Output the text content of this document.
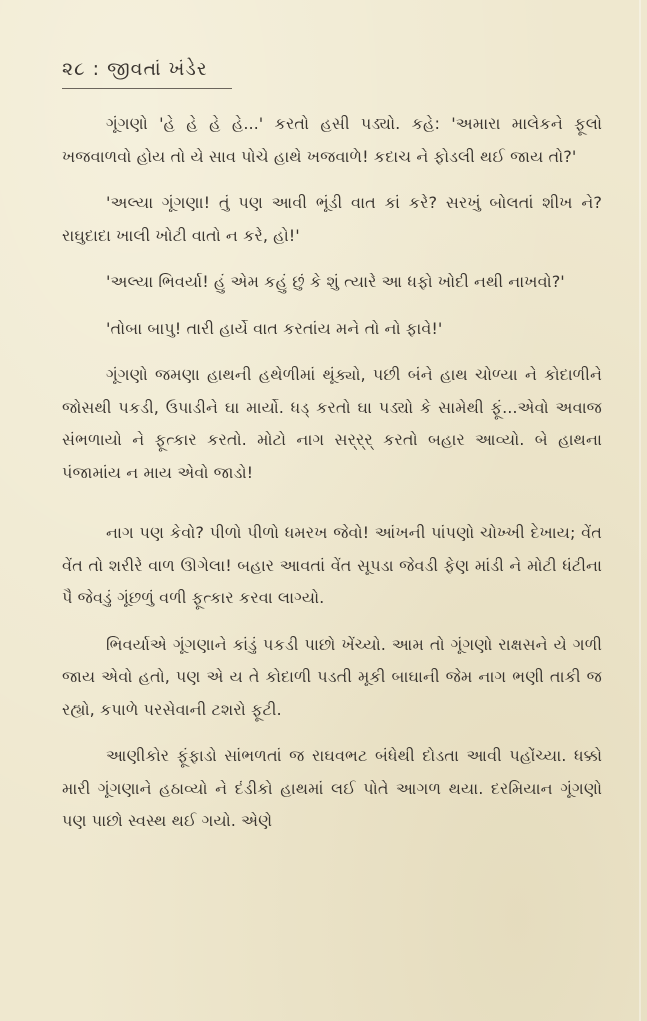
૨૮ : જીવતાં ખંડેર

ગૂંગણો 'હે હે હે હે...' કરતો હસી પડ્યો. કહે: 'અમારા માલેકને ફૂલો ખજવાળવો હોય તો યે સાવ પોચે હાથે ખજવાળે! કદાચ ને ફોડલી થઈ જાય તો?'

'અલ્યા ગૂંગણા! તું પણ આવી ભૂંડી વાત કાં કરે? સરખું બોલતાં શીખ ને? રાઘુદાદા ખાલી ખોટી વાતો ન કરે, હો!'

'અલ્યા ભિવર્યા! હું એમ કહું છું કે શું ત્યારે આ ધફો ખોદી નથી નાખવો?'

'તોબા બાપુ! તારી હાર્યે વાત કરતાંય મને તો નો ફાવે!'

ગૂંગણો જમણા હાથની હથેળીમાં થૂંક્યો, પછી બંને હાથ ચોળ્યા ને કોદાળીને જોસથી પકડી, ઉપાડીને ઘા માર્યો. ધડ્ કરતો ઘા પડ્યો કે સામેથી ફૂં...એવો અવાજ સંભળાયો ને ફૂત્કાર કરતો. મોટો નાગ સર્‌ર્‌ર્ કરતો બહાર આવ્યો. બે હાથના પંજામાંય ન માય એવો જાડો!

નાગ પણ કેવો? પીળો પીળો ધમરખ જેવો! આંખની પાંપણો ચોખ્ખી દેખાય; વેંત વેંત તો શરીરે વાળ ઊગેલા! બહાર આવતાં વેંત સૂપડા જેવડી ફેણ માંડી ને મોટી ધંટીના પૈ જેવડું ગૂંછળું વળી ફૂત્કાર કરવા લાગ્યો.

ભિવર્યાએ ગૂંગણાને કાંડું પકડી પાછો ખેંચ્યો. આમ તો ગૂંગણો રાક્ષસને યે ગળી જાય એવો હતો, પણ એ ય તે કોદાળી પડતી મૂકી બાઘાની જેમ નાગ ભણી તાકી જ રહ્યો, કપાળે પરસેવાની ટશરો ફૂટી.

આણીકોર ફૂંફાડો સાંભળતાં જ રાઘવભટ બંધેથી દોડતા આવી પહોંચ્યા. ધક્કો મારી ગૂંગણાને હઠાવ્યો ને દંડીકો હાથમાં લઈ પોતે આગળ થયા. દરમિયાન ગૂંગણો પણ પાછો સ્વસ્થ થઈ ગયો. એણે
